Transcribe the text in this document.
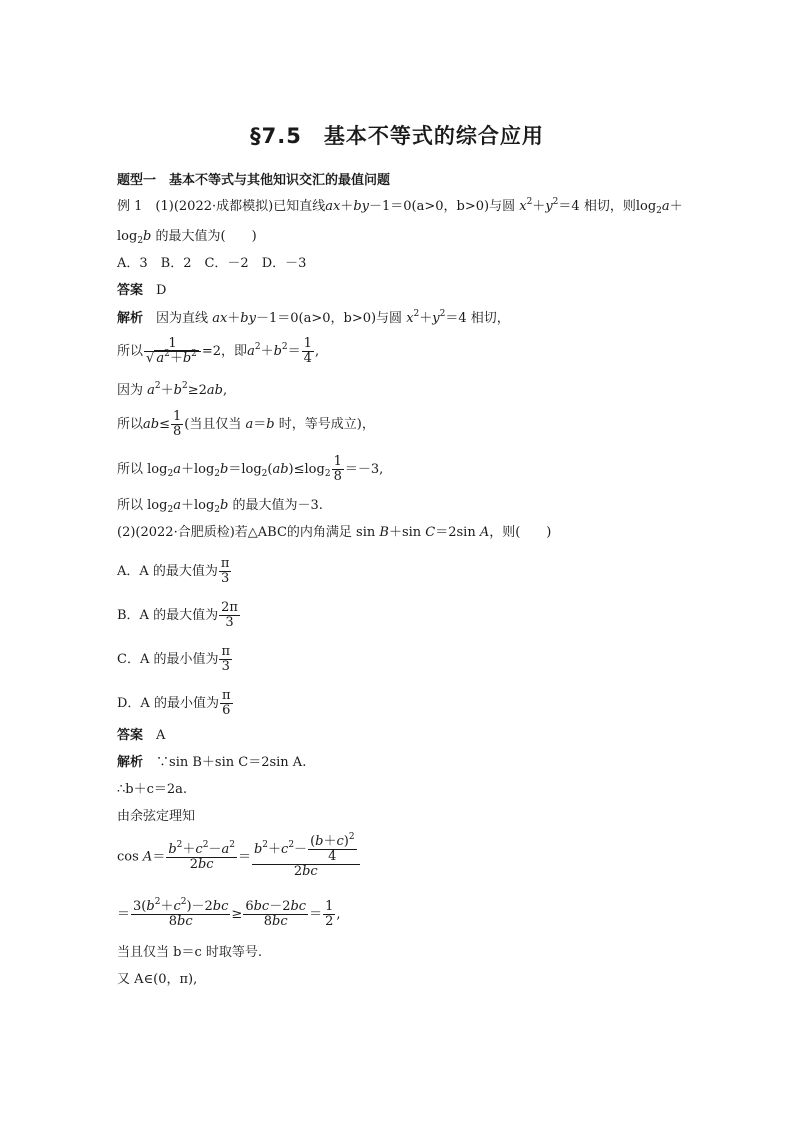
§7.5　基本不等式的综合应用
题型一　基本不等式与其他知识交汇的最值问题
例 1　 (1)(2022·成都模拟)已知直线ax＋by－1＝0(a>0，b>0)与圆 $x^2+y^2=4$ 相切，则$\log_2a+$
$\log_2b$ 的最大值为(　　)
A．3　B．2　C．－2　D．－3
答案　 D
解析　 因为直线 ax＋by－1＝0(a>0，b>0)与圆 $x^2+y^2=4$ 相切，
所以 $\frac{1}{√ a^2+b^2} =2$，即$a^2+b^2= \frac{1}{4}$ ,
因为 $a^2+b^2\ge 2ab$,
所以$ab\le \frac{1}{8}$ (当且仅当 a＝b 时，等号成立)，
所以 $\log_2a+\log_2b=\log_2(ab)\le\log_2 \frac{1}{8} =-3$,
所以 $\log_2a+\log_2b$ 的最大值为－3.
(2)(2022·合肥质检)若△ABC的内角满足 sin B＋sin C＝2sin A，则(　　)
A．A 的最大值为 $\frac{\pi}{3}$
B．A 的最大值为 $\frac{2\pi}{3}$
C．A 的最小值为 $\frac{\pi}{3}$
D．A 的最小值为 $\frac{\pi}{6}$
答案　 A
解析　 ∵sin B＋sin C＝2sin A.
∴b＋c＝2a.
由余弦定理知
$\cos A= \frac{b^2+c^2-a^2}{2bc} = \frac{b^2+c^2- \frac{(b+c)^2}{4}}{2bc}$
＝ $\frac{3(b^2+c^2)-2bc}{8bc} \ge \frac{6bc-2bc}{8bc} = \frac{1}{2}$ ,
当且仅当 b＝c 时取等号.
又 A∈(0，π),
